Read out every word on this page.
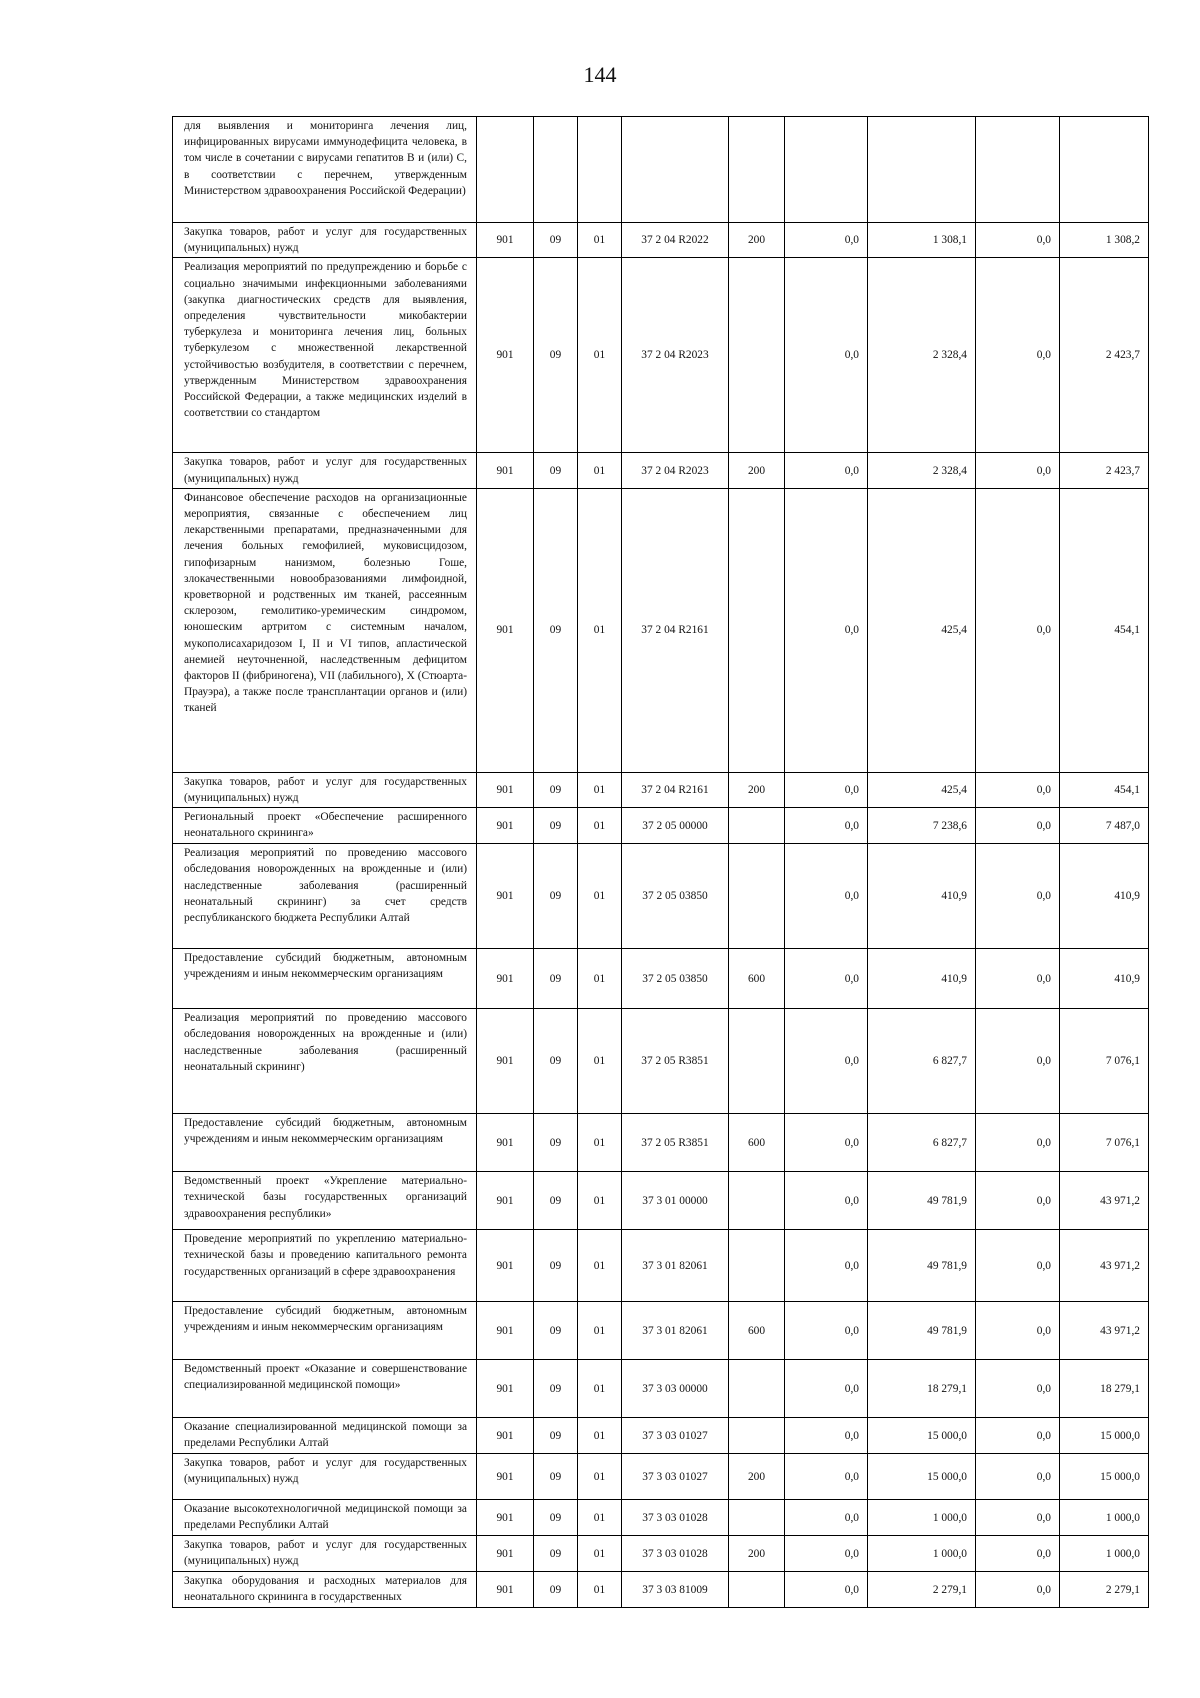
144
для выявления и мониторинга лечения лиц, инфицированных вирусами иммунодефицита человека, в том числе в сочетании с вирусами гепатитов B и (или) C, в соответствии с перечнем, утвержденным Министерством здравоохранения Российской Федерации)									
Закупка товаров, работ и услуг для государственных (муниципальных) нужд	901	09	01	37 2 04 R2022	200	0,0	1 308,1	0,0	1 308,2
Реализация мероприятий по предупреждению и борьбе с социально значимыми инфекционными заболеваниями (закупка диагностических средств для выявления, определения чувствительности микобактерии туберкулеза и мониторинга лечения лиц, больных туберкулезом с множественной лекарственной устойчивостью возбудителя, в соответствии с перечнем, утвержденным Министерством здравоохранения Российской Федерации, а также медицинских изделий в соответствии со стандартом	901	09	01	37 2 04 R2023		0,0	2 328,4	0,0	2 423,7
Закупка товаров, работ и услуг для государственных (муниципальных) нужд	901	09	01	37 2 04 R2023	200	0,0	2 328,4	0,0	2 423,7
Финансовое обеспечение расходов на организационные мероприятия, связанные с обеспечением лиц лекарственными препаратами, предназначенными для лечения больных гемофилией, муковисцидозом, гипофизарным нанизмом, болезнью Гоше, злокачественными новообразованиями лимфоидной, кроветворной и родственных им тканей, рассеянным склерозом, гемолитико-уремическим синдромом, юношеским артритом с системным началом, мукополисахаридозом I, II и VI типов, апластической анемией неуточненной, наследственным дефицитом факторов II (фибриногена), VII (лабильного), X (Стюарта-Прауэра), а также после трансплантации органов и (или) тканей	901	09	01	37 2 04 R2161		0,0	425,4	0,0	454,1
Закупка товаров, работ и услуг для государственных (муниципальных) нужд	901	09	01	37 2 04 R2161	200	0,0	425,4	0,0	454,1
Региональный проект «Обеспечение расширенного неонатального скрининга»	901	09	01	37 2 05 00000		0,0	7 238,6	0,0	7 487,0
Реализация мероприятий по проведению массового обследования новорожденных на врожденные и (или) наследственные заболевания (расширенный неонатальный скрининг) за счет средств республиканского бюджета Республики Алтай	901	09	01	37 2 05 03850		0,0	410,9	0,0	410,9
Предоставление субсидий бюджетным, автономным учреждениям и иным некоммерческим организациям	901	09	01	37 2 05 03850	600	0,0	410,9	0,0	410,9
Реализация мероприятий по проведению массового обследования новорожденных на врожденные и (или) наследственные заболевания (расширенный неонатальный скрининг)	901	09	01	37 2 05 R3851		0,0	6 827,7	0,0	7 076,1
Предоставление субсидий бюджетным, автономным учреждениям и иным некоммерческим организациям	901	09	01	37 2 05 R3851	600	0,0	6 827,7	0,0	7 076,1
Ведомственный проект «Укрепление материально-технической базы государственных организаций здравоохранения республики»	901	09	01	37 3 01 00000		0,0	49 781,9	0,0	43 971,2
Проведение мероприятий по укреплению материально-технической базы и проведению капитального ремонта государственных организаций в сфере здравоохранения	901	09	01	37 3 01 82061		0,0	49 781,9	0,0	43 971,2
Предоставление субсидий бюджетным, автономным учреждениям и иным некоммерческим организациям	901	09	01	37 3 01 82061	600	0,0	49 781,9	0,0	43 971,2
Ведомственный проект «Оказание и совершенствование специализированной медицинской помощи»	901	09	01	37 3 03 00000		0,0	18 279,1	0,0	18 279,1
Оказание специализированной медицинской помощи за пределами Республики Алтай	901	09	01	37 3 03 01027		0,0	15 000,0	0,0	15 000,0
Закупка товаров, работ и услуг для государственных (муниципальных) нужд	901	09	01	37 3 03 01027	200	0,0	15 000,0	0,0	15 000,0
Оказание высокотехнологичной медицинской помощи за пределами Республики Алтай	901	09	01	37 3 03 01028		0,0	1 000,0	0,0	1 000,0
Закупка товаров, работ и услуг для государственных (муниципальных) нужд	901	09	01	37 3 03 01028	200	0,0	1 000,0	0,0	1 000,0
Закупка оборудования и расходных материалов для неонатального скрининга в государственных	901	09	01	37 3 03 81009		0,0	2 279,1	0,0	2 279,1
